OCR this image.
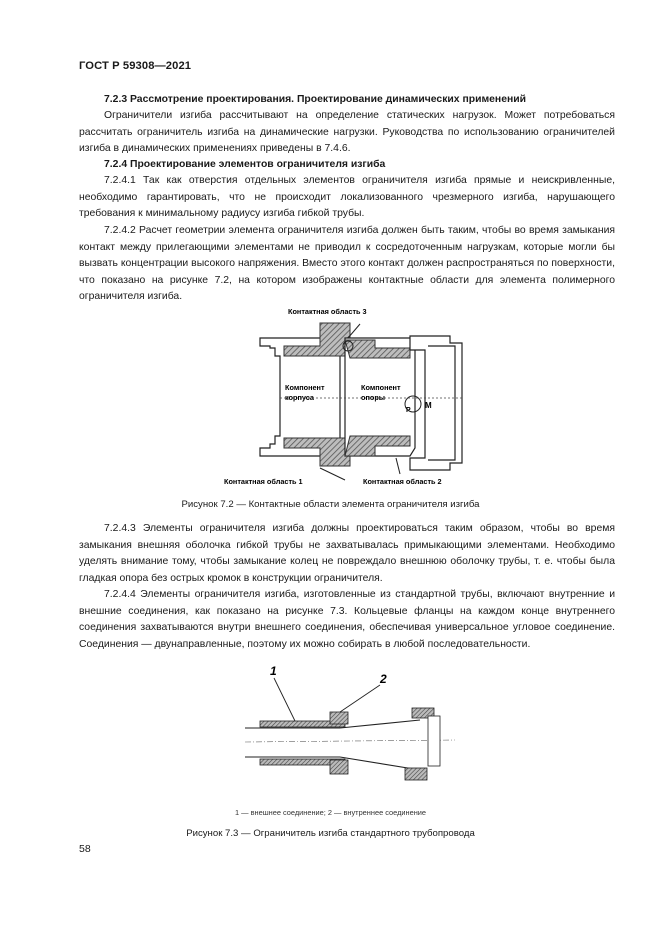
ГОСТ Р 59308—2021

7.2.3 Рассмотрение проектирования. Проектирование динамических применений

Ограничители изгиба рассчитывают на определение статических нагрузок. Может потребоваться рассчитать ограничитель изгиба на динамические нагрузки. Руководства по использованию ограничителей изгиба в динамических применениях приведены в 7.4.6.

7.2.4 Проектирование элементов ограничителя изгиба

7.2.4.1 Так как отверстия отдельных элементов ограничителя изгиба прямые и неискривленные, необходимо гарантировать, что не происходит локализованного чрезмерного изгиба, нарушающего требования к минимальному радиусу изгиба гибкой трубы.

7.2.4.2 Расчет геометрии элемента ограничителя изгиба должен быть таким, чтобы во время замыкания контакт между прилегающими элементами не приводил к сосредоточенным нагрузкам, которые могли бы вызвать концентрации высокого напряжения. Вместо этого контакт должен распространяться по поверхности, что показано на рисунке 7.2, на котором изображены контактные области для элемента полимерного ограничителя изгиба.

Контактная область 3
Контактная область 1	Контактная область 2
Компонент
корпуса
Компонент
опоры
M
P

Рисунок 7.2 — Контактные области элемента ограничителя изгиба

7.2.4.3 Элементы ограничителя изгиба должны проектироваться таким образом, чтобы во время замыкания внешняя оболочка гибкой трубы не захватывалась примыкающими элементами. Необходимо уделять внимание тому, чтобы замыкание колец не повреждало внешнюю оболочку трубы, т. е. чтобы была гладкая опора без острых кромок в конструкции ограничителя.

7.2.4.4 Элементы ограничителя изгиба, изготовленные из стандартной трубы, включают внутренние и внешние соединения, как показано на рисунке 7.3. Кольцевые фланцы на каждом конце внутреннего соединения захватываются внутри внешнего соединения, обеспечивая универсальное угловое соединение. Соединения — двунаправленные, поэтому их можно собирать в любой последовательности.

1
2

1 — внешнее соединение; 2 — внутреннее соединение

Рисунок 7.3 — Ограничитель изгиба стандартного трубопровода

58
